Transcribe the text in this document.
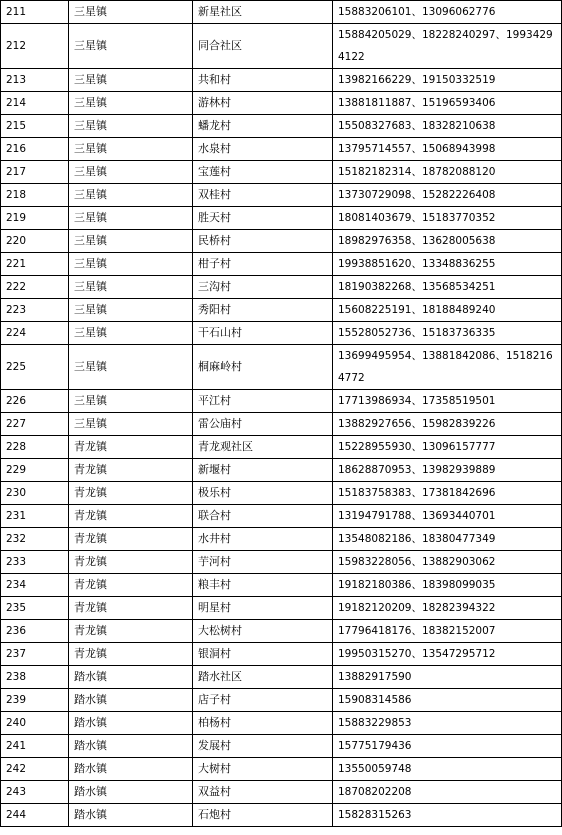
211	三星镇	新星社区	15883206101、13096062776
212	三星镇	同合社区	15884205029、18228240297、19934294122
213	三星镇	共和村	13982166229、19150332519
214	三星镇	游林村	13881811887、15196593406
215	三星镇	蟠龙村	15508327683、18328210638
216	三星镇	水泉村	13795714557、15068943998
217	三星镇	宝莲村	15182182314、18782088120
218	三星镇	双桂村	13730729098、15282226408
219	三星镇	胜天村	18081403679、15183770352
220	三星镇	民桥村	18982976358、13628005638
221	三星镇	柑子村	19938851620、13348836255
222	三星镇	三沟村	18190382268、13568534251
223	三星镇	秀阳村	15608225191、18188489240
224	三星镇	干石山村	15528052736、15183736335
225	三星镇	桐麻岭村	13699495954、13881842086、15182164772
226	三星镇	平江村	17713986934、17358519501
227	三星镇	雷公庙村	13882927656、15982839226
228	青龙镇	青龙观社区	15228955930、13096157777
229	青龙镇	新堰村	18628870953、13982939889
230	青龙镇	极乐村	15183758383、17381842696
231	青龙镇	联合村	13194791788、13693440701
232	青龙镇	水井村	13548082186、18380477349
233	青龙镇	芋河村	15983228056、13882903062
234	青龙镇	粮丰村	19182180386、18398099035
235	青龙镇	明星村	19182120209、18282394322
236	青龙镇	大松树村	17796418176、18382152007
237	青龙镇	银洞村	19950315270、13547295712
238	踏水镇	踏水社区	13882917590
239	踏水镇	店子村	15908314586
240	踏水镇	柏杨村	15883229853
241	踏水镇	发展村	15775179436
242	踏水镇	大树村	13550059748
243	踏水镇	双益村	18708202208
244	踏水镇	石炮村	15828315263
